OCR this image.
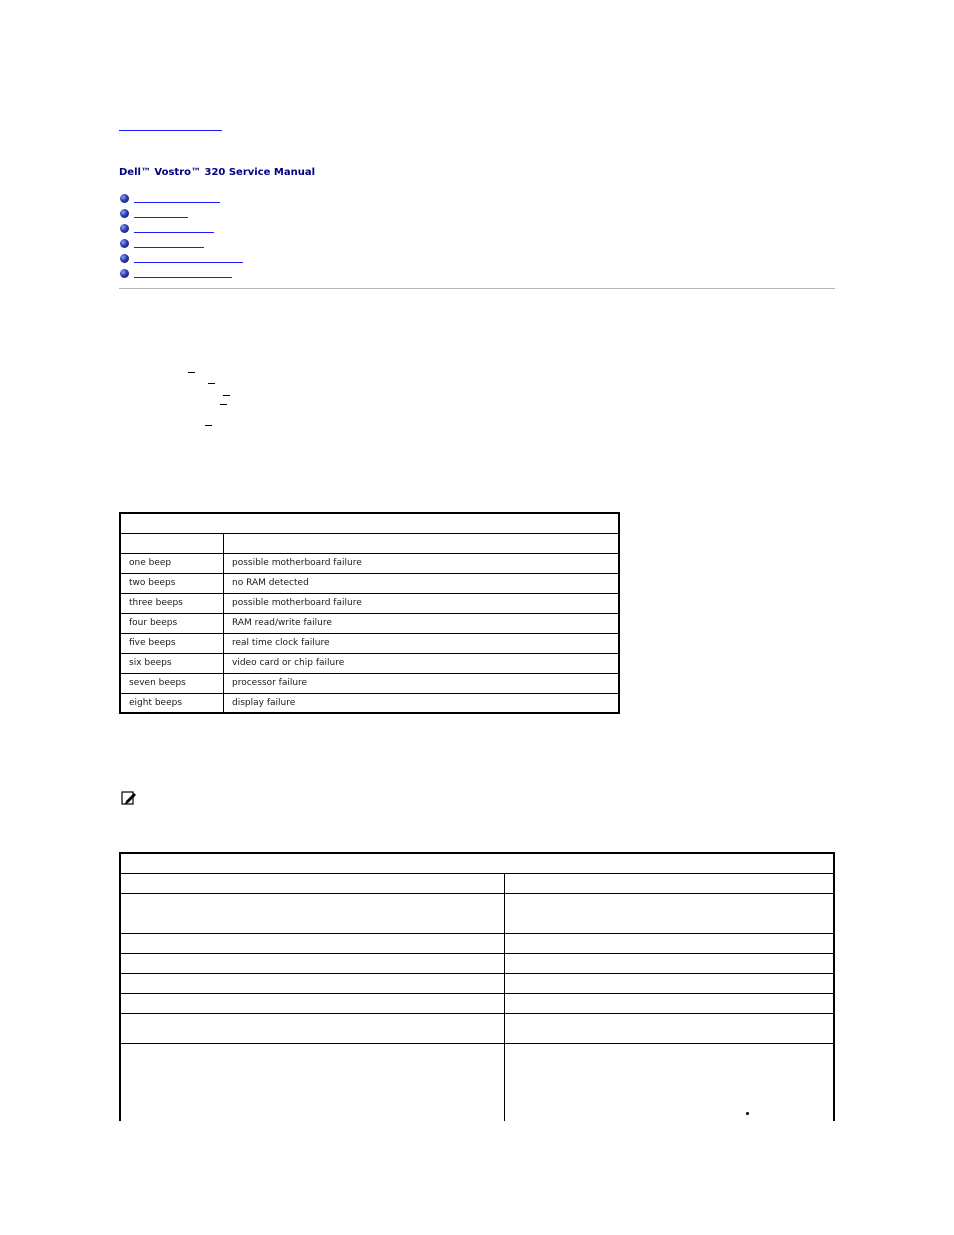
Dell™ Vostro™ 320 Service Manual

one beep	possible motherboard failure
two beeps	no RAM detected
three beeps	possible motherboard failure
four beeps	RAM read/write failure
five beeps	real time clock failure
six beeps	video card or chip failure
seven beeps	processor failure
eight beeps	display failure
